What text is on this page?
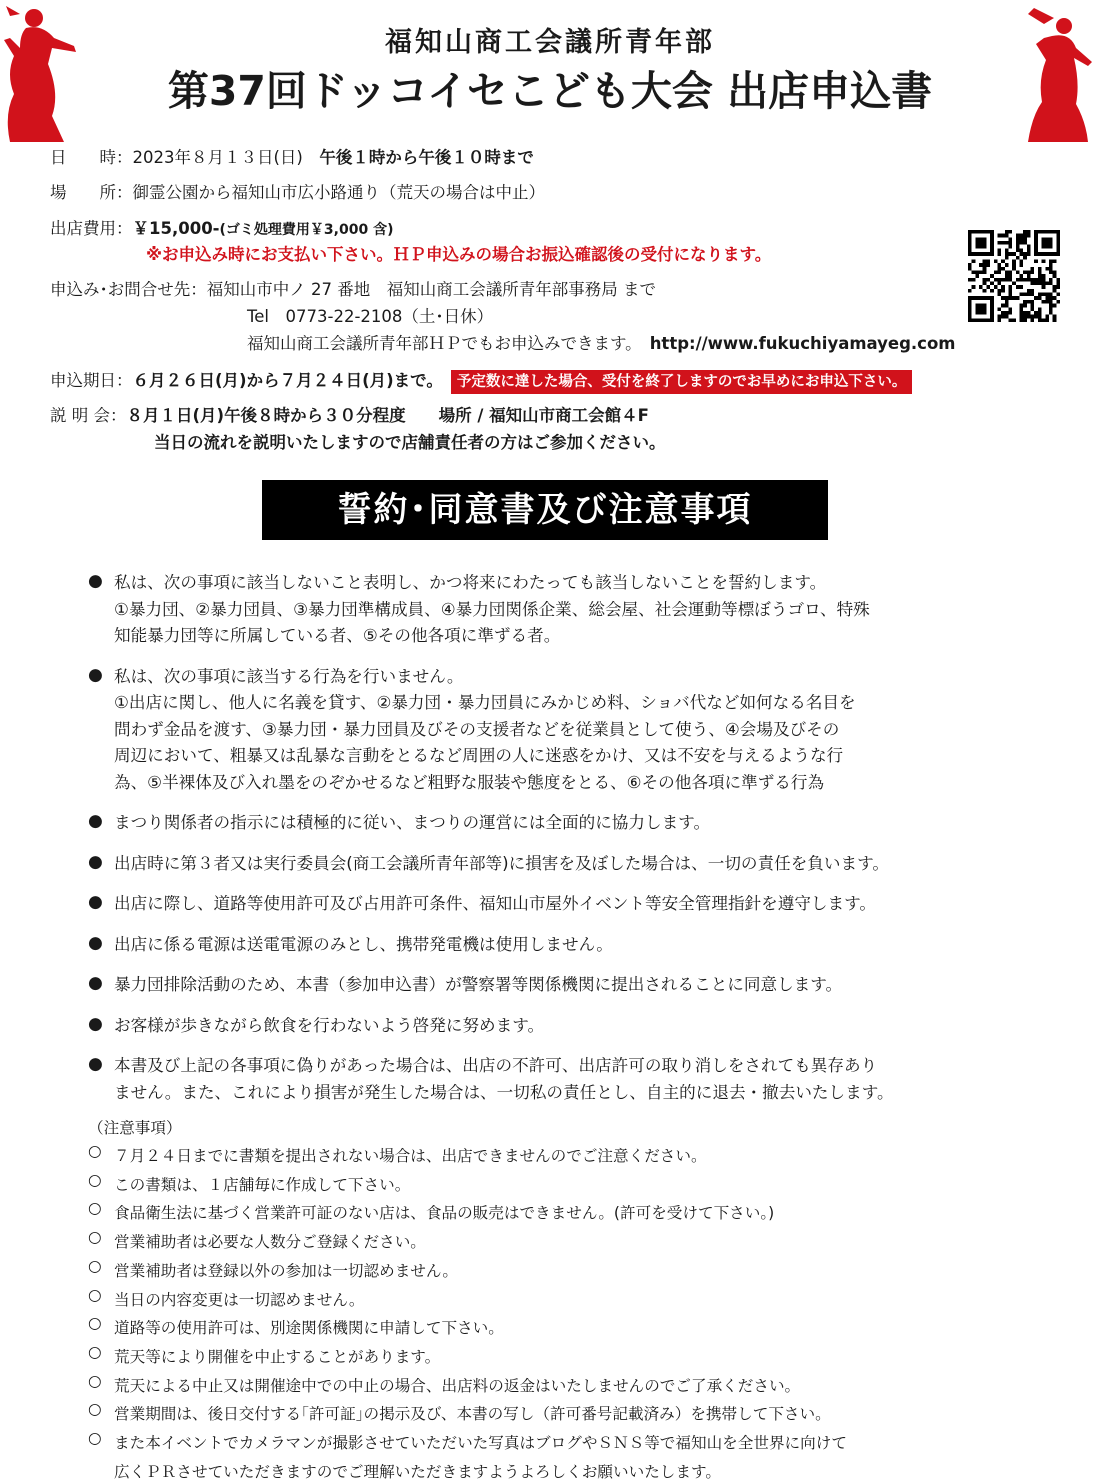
福知山商工会議所青年部
第37回ドッコイセこども大会 出店申込書
日　　時：2023年８月１３日(日)　 午後１時から午後１０時まで
場　　所：御霊公園から福知山市広小路通り（荒天の場合は中止）
出店費用：￥15,000-(ゴミ処理費用￥3,000 含)
※お申込み時にお支払い下さい。ＨＰ申込みの場合お振込確認後の受付になります。
申込み･お問合せ先：福知山市中ノ 27 番地　福知山商工会議所青年部事務局 まで
Tel　0773-22-2108（土･日休）
福知山商工会議所青年部ＨＰでもお申込みできます。 http://www.fukuchiyamayeg.com
申込期日：６月２６日(月)から７月２４日(月)まで。 予定数に達した場合、受付を終了しますのでお早めにお申込下さい。
説 明 会：８月１日(月)午後８時から３０分程度　　場所 / 福知山市商工会館４F
当日の流れを説明いたしますので店舗責任者の方はご参加ください。
誓約･同意書及び注意事項
● 私は、次の事項に該当しないこと表明し、かつ将来にわたっても該当しないことを誓約します。
①暴力団、②暴力団員、③暴力団準構成員、④暴力団関係企業、総会屋、社会運動等標ぼうゴロ、特殊
知能暴力団等に所属している者、⑤その他各項に準ずる者。
● 私は、次の事項に該当する行為を行いません。
①出店に関し、他人に名義を貸す、②暴力団・暴力団員にみかじめ料、ショバ代など如何なる名目を
問わず金品を渡す、③暴力団・暴力団員及びその支援者などを従業員として使う、④会場及びその
周辺において、粗暴又は乱暴な言動をとるなど周囲の人に迷惑をかけ、又は不安を与えるような行
為、⑤半裸体及び入れ墨をのぞかせるなど粗野な服装や態度をとる、⑥その他各項に準ずる行為
● まつり関係者の指示には積極的に従い、まつりの運営には全面的に協力します。
● 出店時に第３者又は実行委員会(商工会議所青年部等)に損害を及ぼした場合は、一切の責任を負います。
● 出店に際し、道路等使用許可及び占用許可条件、福知山市屋外イベント等安全管理指針を遵守します。
● 出店に係る電源は送電電源のみとし、携帯発電機は使用しません。
● 暴力団排除活動のため、本書（参加申込書）が警察署等関係機関に提出されることに同意します。
● お客様が歩きながら飲食を行わないよう啓発に努めます。
● 本書及び上記の各事項に偽りがあった場合は、出店の不許可、出店許可の取り消しをされても異存あり
ません。また、これにより損害が発生した場合は、一切私の責任とし、自主的に退去・撤去いたします。
（注意事項）
○ ７月２４日までに書類を提出されない場合は、出店できませんのでご注意ください。
○ この書類は、１店舗毎に作成して下さい。
○ 食品衛生法に基づく営業許可証のない店は、食品の販売はできません。(許可を受けて下さい。)
○ 営業補助者は必要な人数分ご登録ください。
○ 営業補助者は登録以外の参加は一切認めません。
○ 当日の内容変更は一切認めません。
○ 道路等の使用許可は、別途関係機関に申請して下さい。
○ 荒天等により開催を中止することがあります。
○ 荒天による中止又は開催途中での中止の場合、出店料の返金はいたしませんのでご了承ください。
○ 営業期間は、後日交付する｢許可証｣の掲示及び、本書の写し（許可番号記載済み）を携帯して下さい。
○ また本イベントでカメラマンが撮影させていただいた写真はブログやＳＮＳ等で福知山を全世界に向けて
広くＰＲさせていただきますのでご理解いただきますようよろしくお願いいたします。
